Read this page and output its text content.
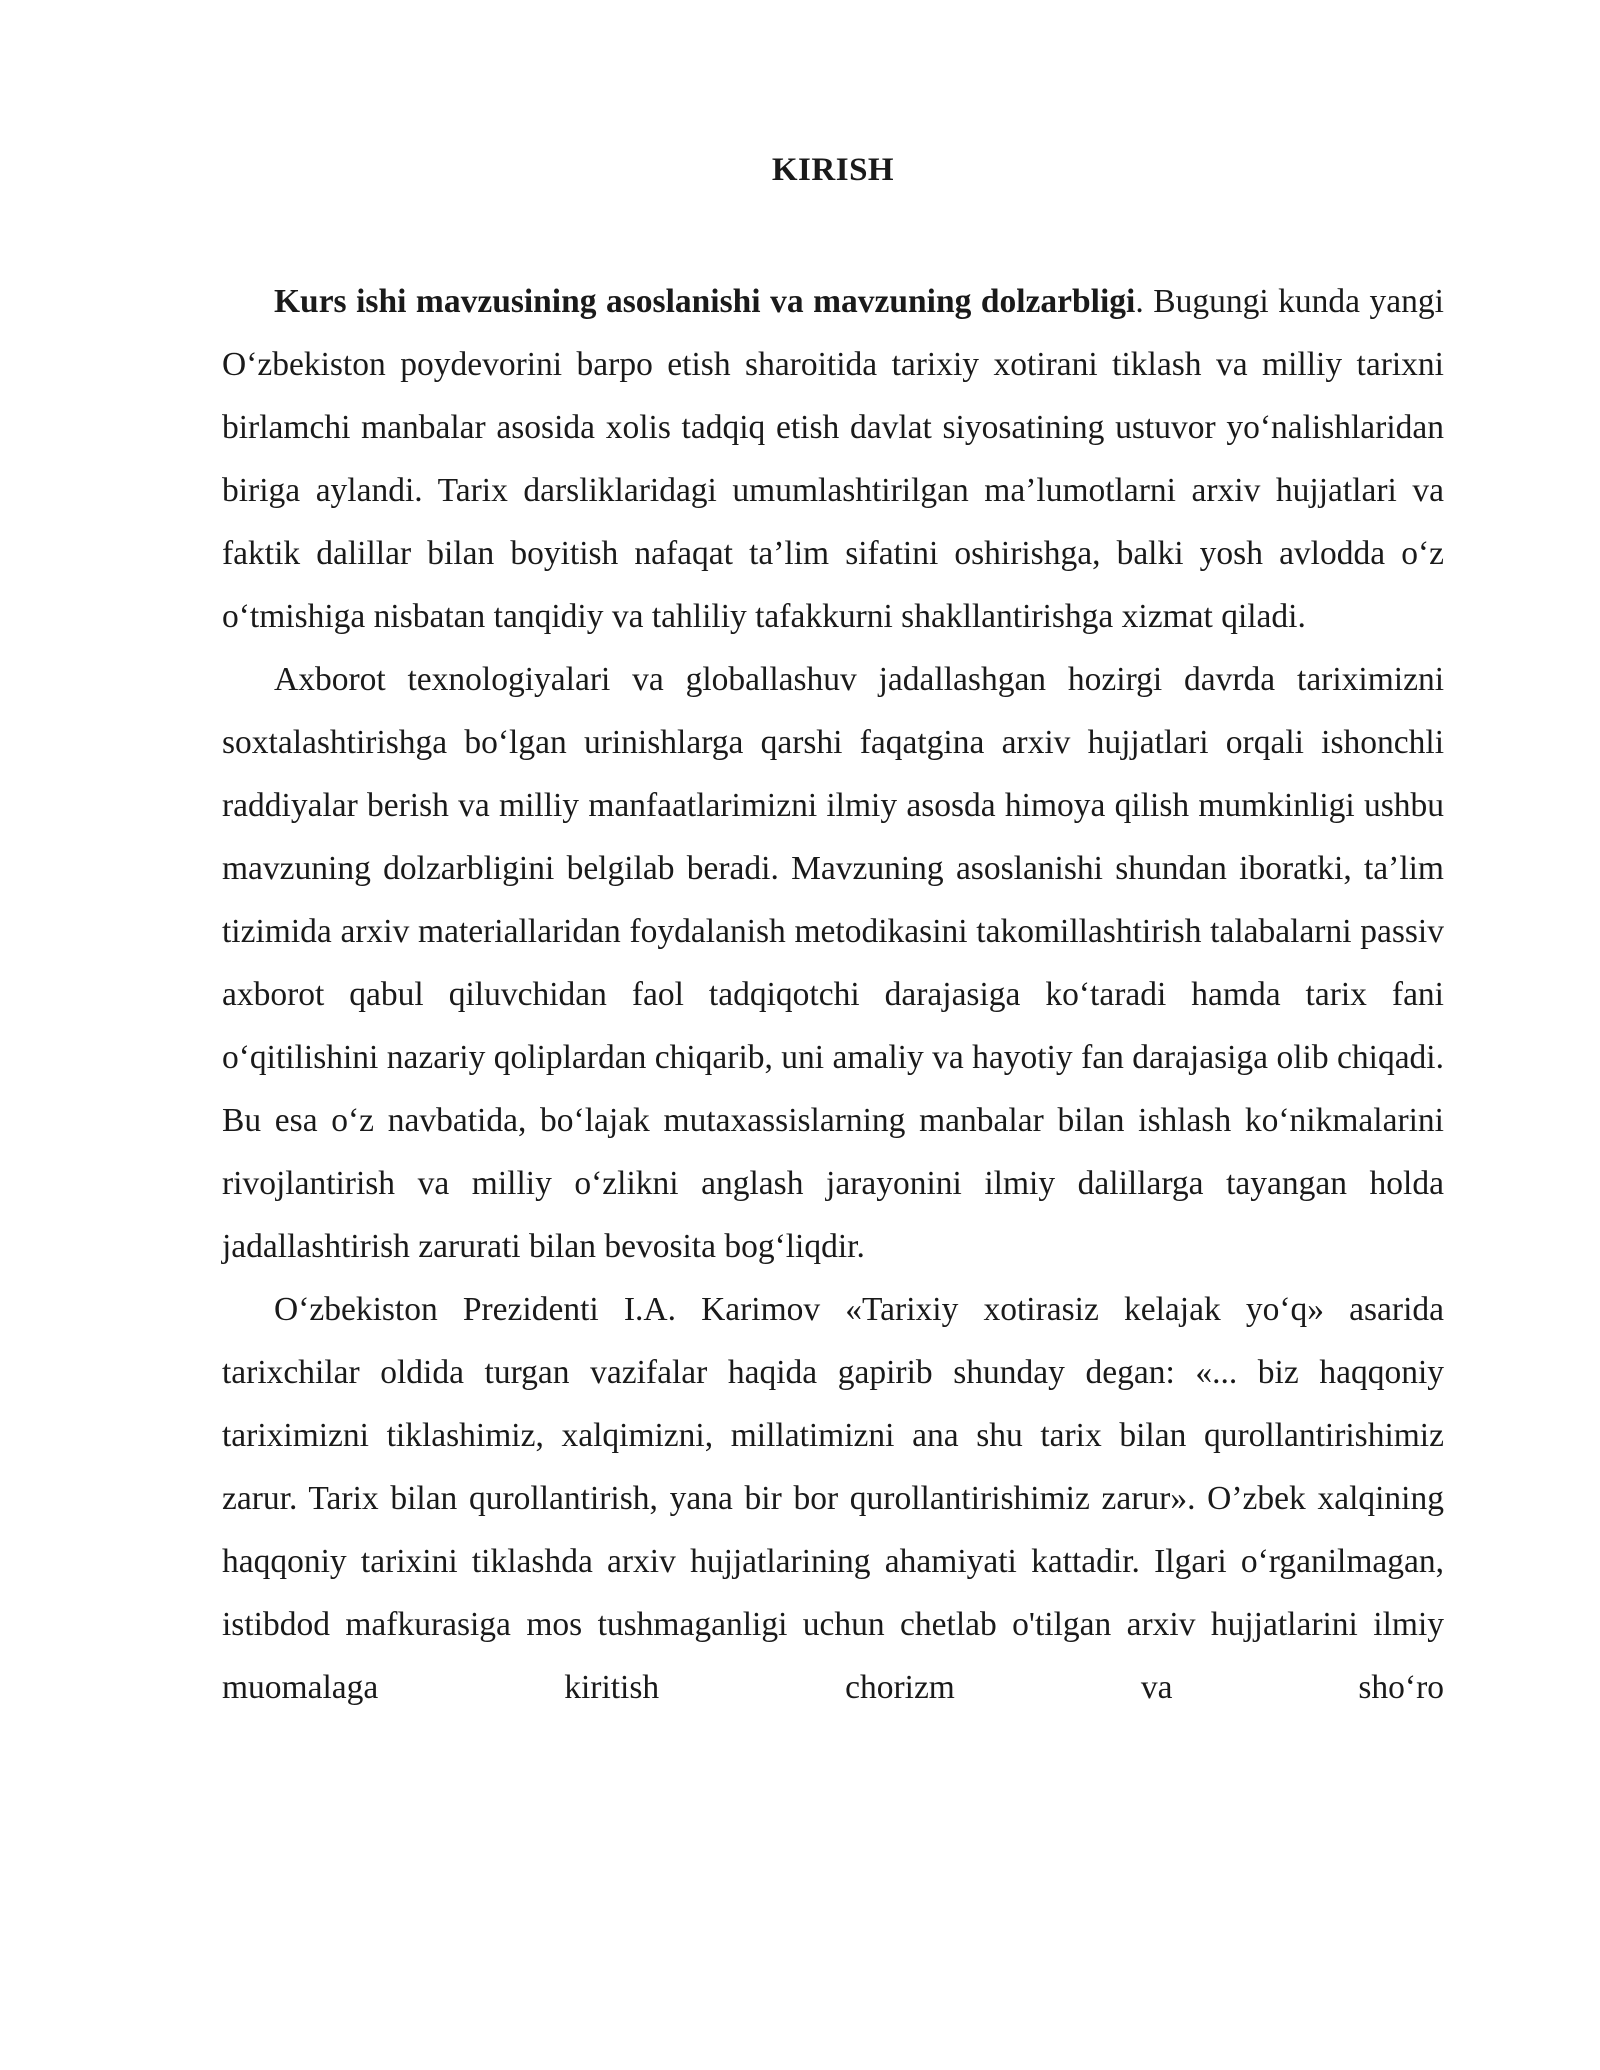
KIRISH

Kurs ishi mavzusining asoslanishi va mavzuning dolzarbligi. Bugungi kunda yangi O‘zbekiston poydevorini barpo etish sharoitida tarixiy xotirani tiklash va milliy tarixni birlamchi manbalar asosida xolis tadqiq etish davlat siyosatining ustuvor yo‘nalishlaridan biriga aylandi. Tarix darsliklaridagi umumlashtirilgan ma’lumotlarni arxiv hujjatlari va faktik dalillar bilan boyitish nafaqat ta’lim sifatini oshirishga, balki yosh avlodda o‘z o‘tmishiga nisbatan tanqidiy va tahliliy tafakkurni shakllantirishga xizmat qiladi.

Axborot texnologiyalari va globallashuv jadallashgan hozirgi davrda tariximizni soxtalashtirishga bo‘lgan urinishlarga qarshi faqatgina arxiv hujjatlari orqali ishonchli raddiyalar berish va milliy manfaatlarimizni ilmiy asosda himoya qilish mumkinligi ushbu mavzuning dolzarbligini belgilab beradi. Mavzuning asoslanishi shundan iboratki, ta’lim tizimida arxiv materiallaridan foydalanish metodikasini takomillashtirish talabalarni passiv axborot qabul qiluvchidan faol tadqiqotchi darajasiga ko‘taradi hamda tarix fani o‘qitilishini nazariy qoliplardan chiqarib, uni amaliy va hayotiy fan darajasiga olib chiqadi. Bu esa o‘z navbatida, bo‘lajak mutaxassislarning manbalar bilan ishlash ko‘nikmalarini rivojlantirish va milliy o‘zlikni anglash jarayonini ilmiy dalillarga tayangan holda jadallashtirish zarurati bilan bevosita bog‘liqdir.

O‘zbekiston Prezidenti I.A. Karimov «Tarixiy xotirasiz kelajak yo‘q» asarida tarixchilar oldida turgan vazifalar haqida gapirib shunday degan: «... biz haqqoniy tariximizni tiklashimiz, xalqimizni, millatimizni ana shu tarix bilan qurollantirishimiz zarur. Tarix bilan qurollantirish, yana bir bor qurollantirishimiz zarur». O’zbek xalqining haqqoniy tarixini tiklashda arxiv hujjatlarining ahamiyati kattadir. Ilgari o‘rganilmagan, istibdod mafkurasiga mos tushmaganligi uchun chetlab o'tilgan arxiv hujjatlarini ilmiy muomalaga kiritish chorizm va sho‘ro
